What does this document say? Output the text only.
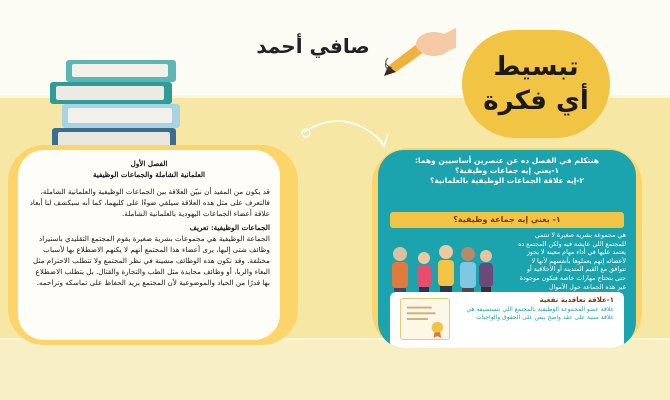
صافي أحمد
تبسيط
أي فكرة

الفصل الأول

العلمانية الشاملة والجماعات الوظيفية

قد يكون من المفيد أن نبيّن العلاقة بين الجماعات الوظيفية والعلمانية الشاملة، فالتعرف على مثل هذه العلاقة سيلقي ضوءًا على كليهما، كما أنه سيكشف لنا أبعاد علاقة أعضاء الجماعات اليهودية بالعلمانية الشاملة.

الجماعات الوظيفية: تعريف

الجماعة الوظيفية هي مجموعات بشرية صغيرة يقوم المجتمع التقليدي باستيراد وظائف شتى إليها، يرى أعضاء هذا المجتمع أنهم لا يكنهم الاضطلاع بها لأسباب مختلفة. وقد تكون هذه الوظائف مشينة في نظر المجتمع ولا تتطلب الاحترام مثل البغاء والربا، أو وظائف محايدة مثل الطب والتجارة والقتال. بل يتطلب الاضطلاع بها قدرًا من الحياد والموضوعية لأن المجتمع يريد الحفاظ على تماسكه وتراحمه.

هنتكلم في الفصل ده عن عنصرين أساسيين وهما:
١-يعني إيه جماعات وظيفية؟
٢-إيه علاقة الجماعات الوظيفية بالعلمانية؟
١- يعني إيه جماعة وظيفية؟
هي مجموعة بشرية صغيرة لا تنتمي للمجتمع اللي عايشة فيه ولكن المجتمع ده يعتمد عليها في أداء مهام معينة لا يجوز لأعضائه إنهم يعملوها بأنفسهم لأنها لا تتوافق مع القيم المتدينة أو الأخلاقية أو حتى بتحتاج مهارات خاصة فتكون موجودة غير هذه الجماعة حول الأموال
١-علاقة تعاقدية نفعية
علاقة عضو المجموعة الوظيفية بالمجتمع اللي بتستضيفه هي علاقة مبنية على عقد واضح ينص على الحقوق والواجبات
